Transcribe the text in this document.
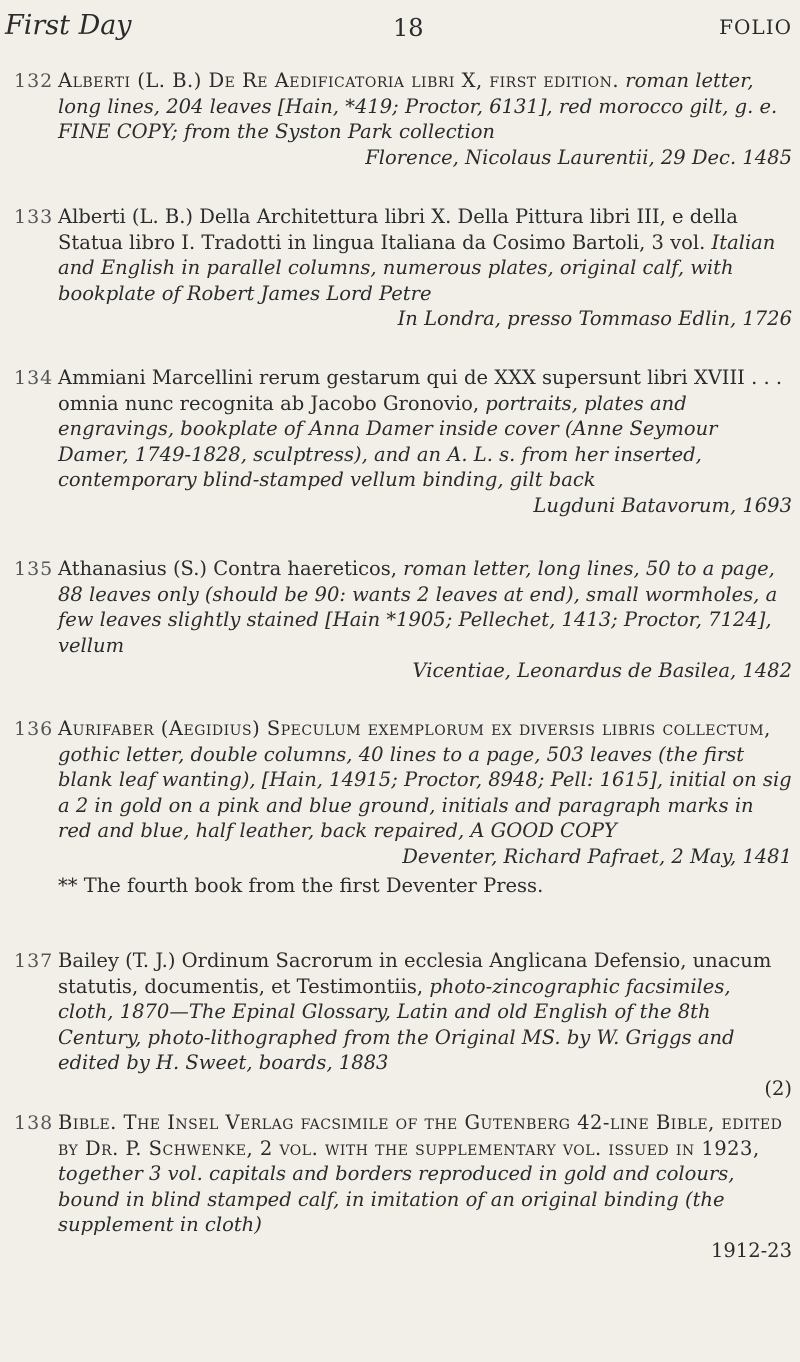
First Day	18	FOLIO
132 Alberti (L. B.) De Re Aedificatoria libri X, first edition. roman letter, long lines, 204 leaves [Hain, *419; Proctor, 6131], red morocco gilt, g. e. FINE COPY; from the Syston Park collection
Florence, Nicolaus Laurentii, 29 Dec. 1485
133 Alberti (L. B.) Della Architettura libri X. Della Pittura libri III, e della Statua libro I. Tradotti in lingua Italiana da Cosimo Bartoli, 3 vol. Italian and English in parallel columns, numerous plates, original calf, with bookplate of Robert James Lord Petre
In Londra, presso Tommaso Edlin, 1726
134 Ammiani Marcellini rerum gestarum qui de XXX supersunt libri XVIII . . . omnia nunc recognita ab Jacobo Gronovio, portraits, plates and engravings, bookplate of Anna Damer inside cover (Anne Seymour Damer, 1749-1828, sculptress), and an A. L. s. from her inserted, contemporary blind-stamped vellum binding, gilt back
Lugduni Batavorum, 1693
135 Athanasius (S.) Contra haereticos, roman letter, long lines, 50 to a page, 88 leaves only (should be 90: wants 2 leaves at end), small wormholes, a few leaves slightly stained [Hain *1905; Pellechet, 1413; Proctor, 7124], vellum
Vicentiae, Leonardus de Basilea, 1482
136 Aurifaber (Aegidius) Speculum exemplorum ex diversis libris collectum, gothic letter, double columns, 40 lines to a page, 503 leaves (the first blank leaf wanting), [Hain, 14915; Proctor, 8948; Pell: 1615], initial on sig a 2 in gold on a pink and blue ground, initials and paragraph marks in red and blue, half leather, back repaired, A GOOD COPY
Deventer, Richard Pafraet, 2 May, 1481
** The fourth book from the first Deventer Press.
137 Bailey (T. J.) Ordinum Sacrorum in ecclesia Anglicana Defensio, unacum statutis, documentis, et Testimontiis, photo-zincographic facsimiles, cloth, 1870—The Epinal Glossary, Latin and old English of the 8th Century, photo-lithographed from the Original MS. by W. Griggs and edited by H. Sweet, boards, 1883
(2)
138 Bible. The Insel Verlag facsimile of the Gutenberg 42-line Bible, edited by Dr. P. Schwenke, 2 vol. with the supplementary vol. issued in 1923, together 3 vol. capitals and borders reproduced in gold and colours, bound in blind stamped calf, in imitation of an original binding (the supplement in cloth)
1912-23
